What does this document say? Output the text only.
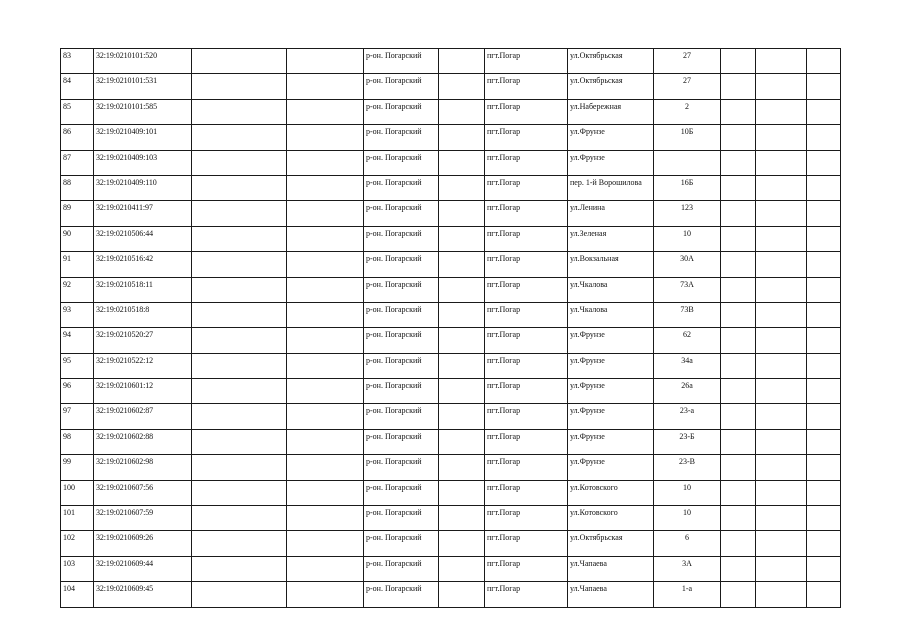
83	32:19:0210101:520			р-он. Погарский		пгт.Погар	ул.Октябрьская	27			
84	32:19:0210101:531			р-он. Погарский		пгт.Погар	ул.Октябрьская	27			
85	32:19:0210101:585			р-он. Погарский		пгт.Погар	ул.Набережная	2			
86	32:19:0210409:101			р-он. Погарский		пгт.Погар	ул.Фрунзе	10Б			
87	32:19:0210409:103			р-он. Погарский		пгт.Погар	ул.Фрунзе				
88	32:19:0210409:110			р-он. Погарский		пгт.Погар	пер. 1-й Ворошилова	16Б			
89	32:19:0210411:97			р-он. Погарский		пгт.Погар	ул.Ленина	123			
90	32:19:0210506:44			р-он. Погарский		пгт.Погар	ул.Зеленая	10			
91	32:19:0210516:42			р-он. Погарский		пгт.Погар	ул.Вокзальная	30А			
92	32:19:0210518:11			р-он. Погарский		пгт.Погар	ул.Чкалова	73А			
93	32:19:0210518:8			р-он. Погарский		пгт.Погар	ул.Чкалова	73В			
94	32:19:0210520:27			р-он. Погарский		пгт.Погар	ул.Фрунзе	62			
95	32:19:0210522:12			р-он. Погарский		пгт.Погар	ул.Фрунзе	34а			
96	32:19:0210601:12			р-он. Погарский		пгт.Погар	ул.Фрунзе	26а			
97	32:19:0210602:87			р-он. Погарский		пгт.Погар	ул.Фрунзе	23-а			
98	32:19:0210602:88			р-он. Погарский		пгт.Погар	ул.Фрунзе	23-Б			
99	32:19:0210602:98			р-он. Погарский		пгт.Погар	ул.Фрунзе	23-В			
100	32:19:0210607:56			р-он. Погарский		пгт.Погар	ул.Котовского	10			
101	32:19:0210607:59			р-он. Погарский		пгт.Погар	ул.Котовского	10			
102	32:19:0210609:26			р-он. Погарский		пгт.Погар	ул.Октябрьская	6			
103	32:19:0210609:44			р-он. Погарский		пгт.Погар	ул.Чапаева	3А			
104	32:19:0210609:45			р-он. Погарский		пгт.Погар	ул.Чапаева	1-а			
